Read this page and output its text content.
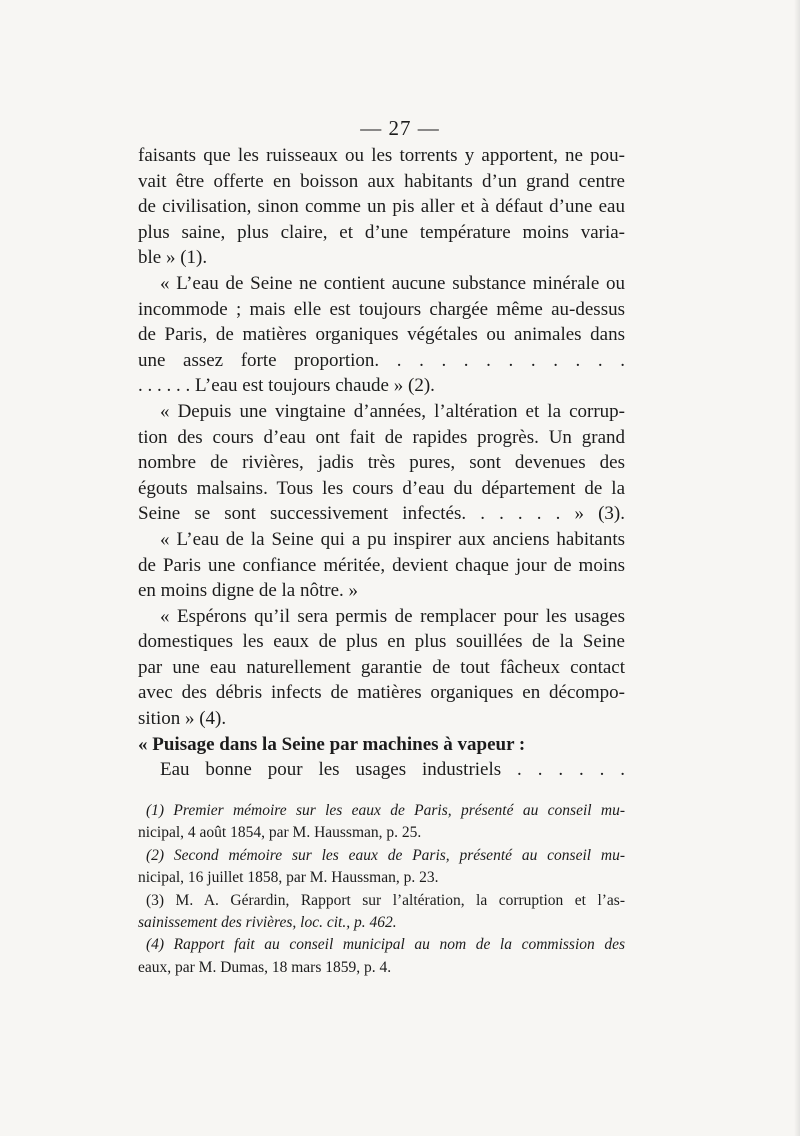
— 27 —
faisants que les ruisseaux ou les torrents y apportent, ne pou-
vait être offerte en boisson aux habitants d’un grand centre
de civilisation, sinon comme un pis aller et à défaut d’une eau
plus saine, plus claire, et d’une température moins varia-
ble » (1).
« L’eau de Seine ne contient aucune substance minérale ou
incommode ; mais elle est toujours chargée même au-dessus
de Paris, de matières organiques végétales ou animales dans
une assez forte proportion. . . . . . . . . . . .
. . . . . . L’eau est toujours chaude » (2).
« Depuis une vingtaine d’années, l’altération et la corrup-
tion des cours d’eau ont fait de rapides progrès. Un grand
nombre de rivières, jadis très pures, sont devenues des
égouts malsains. Tous les cours d’eau du département de la
Seine se sont successivement infectés. . . . . . » (3).
« L’eau de la Seine qui a pu inspirer aux anciens habitants
de Paris une confiance méritée, devient chaque jour de moins
en moins digne de la nôtre. »
« Espérons qu’il sera permis de remplacer pour les usages
domestiques les eaux de plus en plus souillées de la Seine
par une eau naturellement garantie de tout fâcheux contact
avec des débris infects de matières organiques en décompo-
sition » (4).
« Puisage dans la Seine par machines à vapeur :
Eau bonne pour les usages industriels . . . . . .
(1) Premier mémoire sur les eaux de Paris, présenté au conseil mu-
nicipal, 4 août 1854, par M. Haussman, p. 25.
(2) Second mémoire sur les eaux de Paris, présenté au conseil mu-
nicipal, 16 juillet 1858, par M. Haussman, p. 23.
(3) M. A. Gérardin, Rapport sur l’altération, la corruption et l’as-
sainissement des rivières, loc. cit., p. 462.
(4) Rapport fait au conseil municipal au nom de la commission des
eaux, par M. Dumas, 18 mars 1859, p. 4.
